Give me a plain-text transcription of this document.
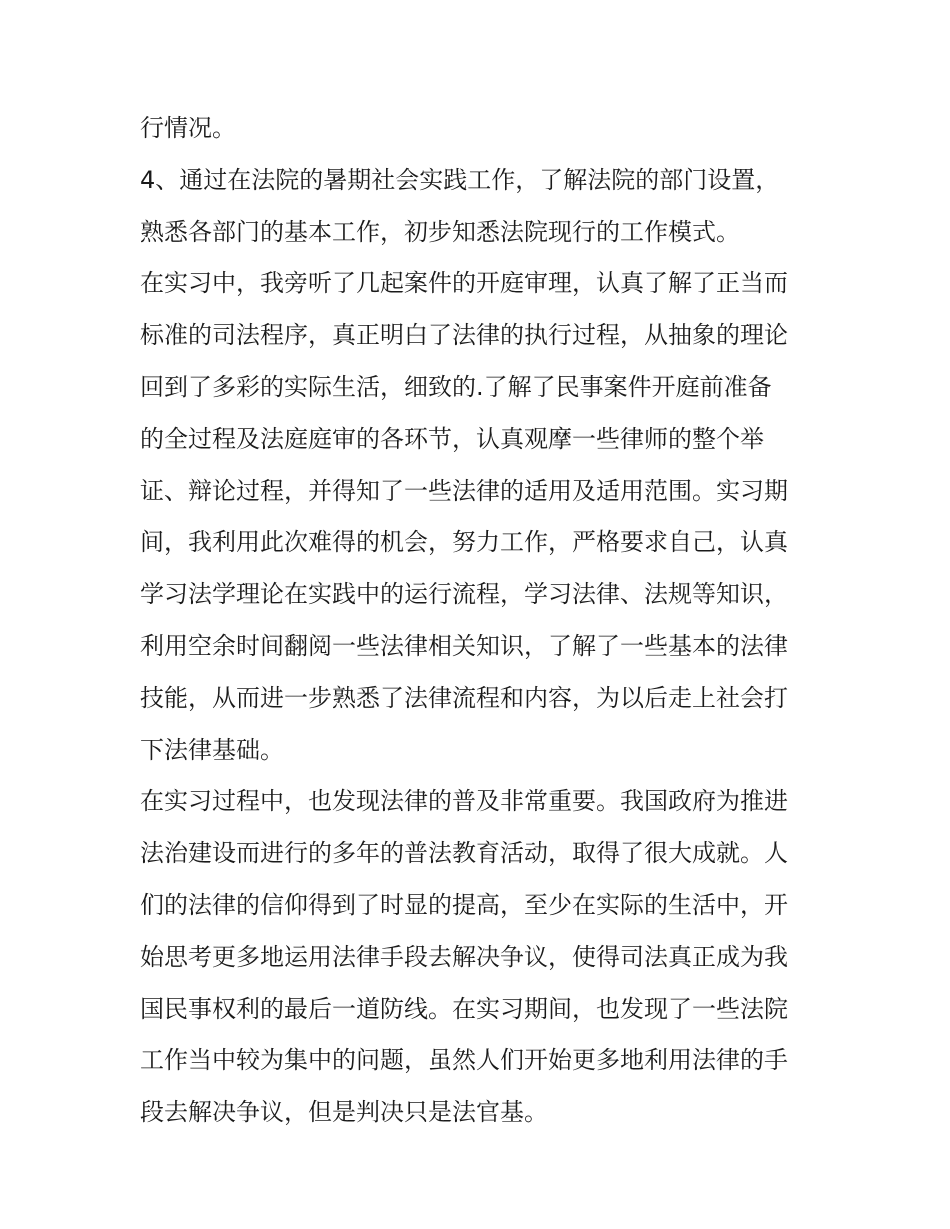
行情况。
4、通过在法院的暑期社会实践工作，了解法院的部门设置，
熟悉各部门的基本工作，初步知悉法院现行的工作模式。
在实习中，我旁听了几起案件的开庭审理，认真了解了正当而
标准的司法程序，真正明白了法律的执行过程，从抽象的理论
回到了多彩的实际生活，细致的.了解了民事案件开庭前准备
的全过程及法庭庭审的各环节，认真观摩一些律师的整个举
证、辩论过程，并得知了一些法律的适用及适用范围。实习期
间，我利用此次难得的机会，努力工作，严格要求自己，认真
学习法学理论在实践中的运行流程，学习法律、法规等知识，
利用空余时间翻阅一些法律相关知识，了解了一些基本的法律
技能，从而进一步熟悉了法律流程和内容，为以后走上社会打
下法律基础。
在实习过程中，也发现法律的普及非常重要。我国政府为推进
法治建设而进行的多年的普法教育活动，取得了很大成就。人
们的法律的信仰得到了时显的提高，至少在实际的生活中，开
始思考更多地运用法律手段去解决争议，使得司法真正成为我
国民事权利的最后一道防线。在实习期间，也发现了一些法院
工作当中较为集中的问题，虽然人们开始更多地利用法律的手
段去解决争议，但是判决只是法官基。
